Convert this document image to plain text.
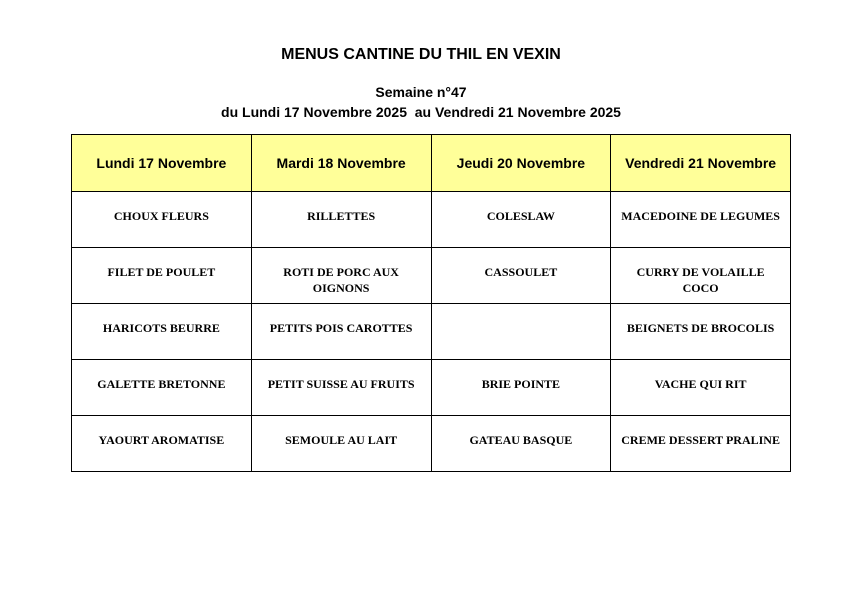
MENUS CANTINE DU THIL EN VEXIN
Semaine n°47
du Lundi 17 Novembre 2025  au Vendredi 21 Novembre 2025
Lundi 17 Novembre	Mardi 18 Novembre	Jeudi 20 Novembre	Vendredi 21 Novembre

CHOUX FLEURS	RILLETTES	COLESLAW	MACEDOINE DE LEGUMES

FILET DE POULET	ROTI DE PORC AUX OIGNONS	CASSOULET	CURRY DE VOLAILLE COCO

HARICOTS BEURRE	PETITS POIS CAROTTES		BEIGNETS DE BROCOLIS

GALETTE BRETONNE	PETIT SUISSE AU FRUITS	BRIE POINTE	VACHE QUI RIT

YAOURT AROMATISE	SEMOULE AU LAIT	GATEAU BASQUE	CREME DESSERT PRALINE
